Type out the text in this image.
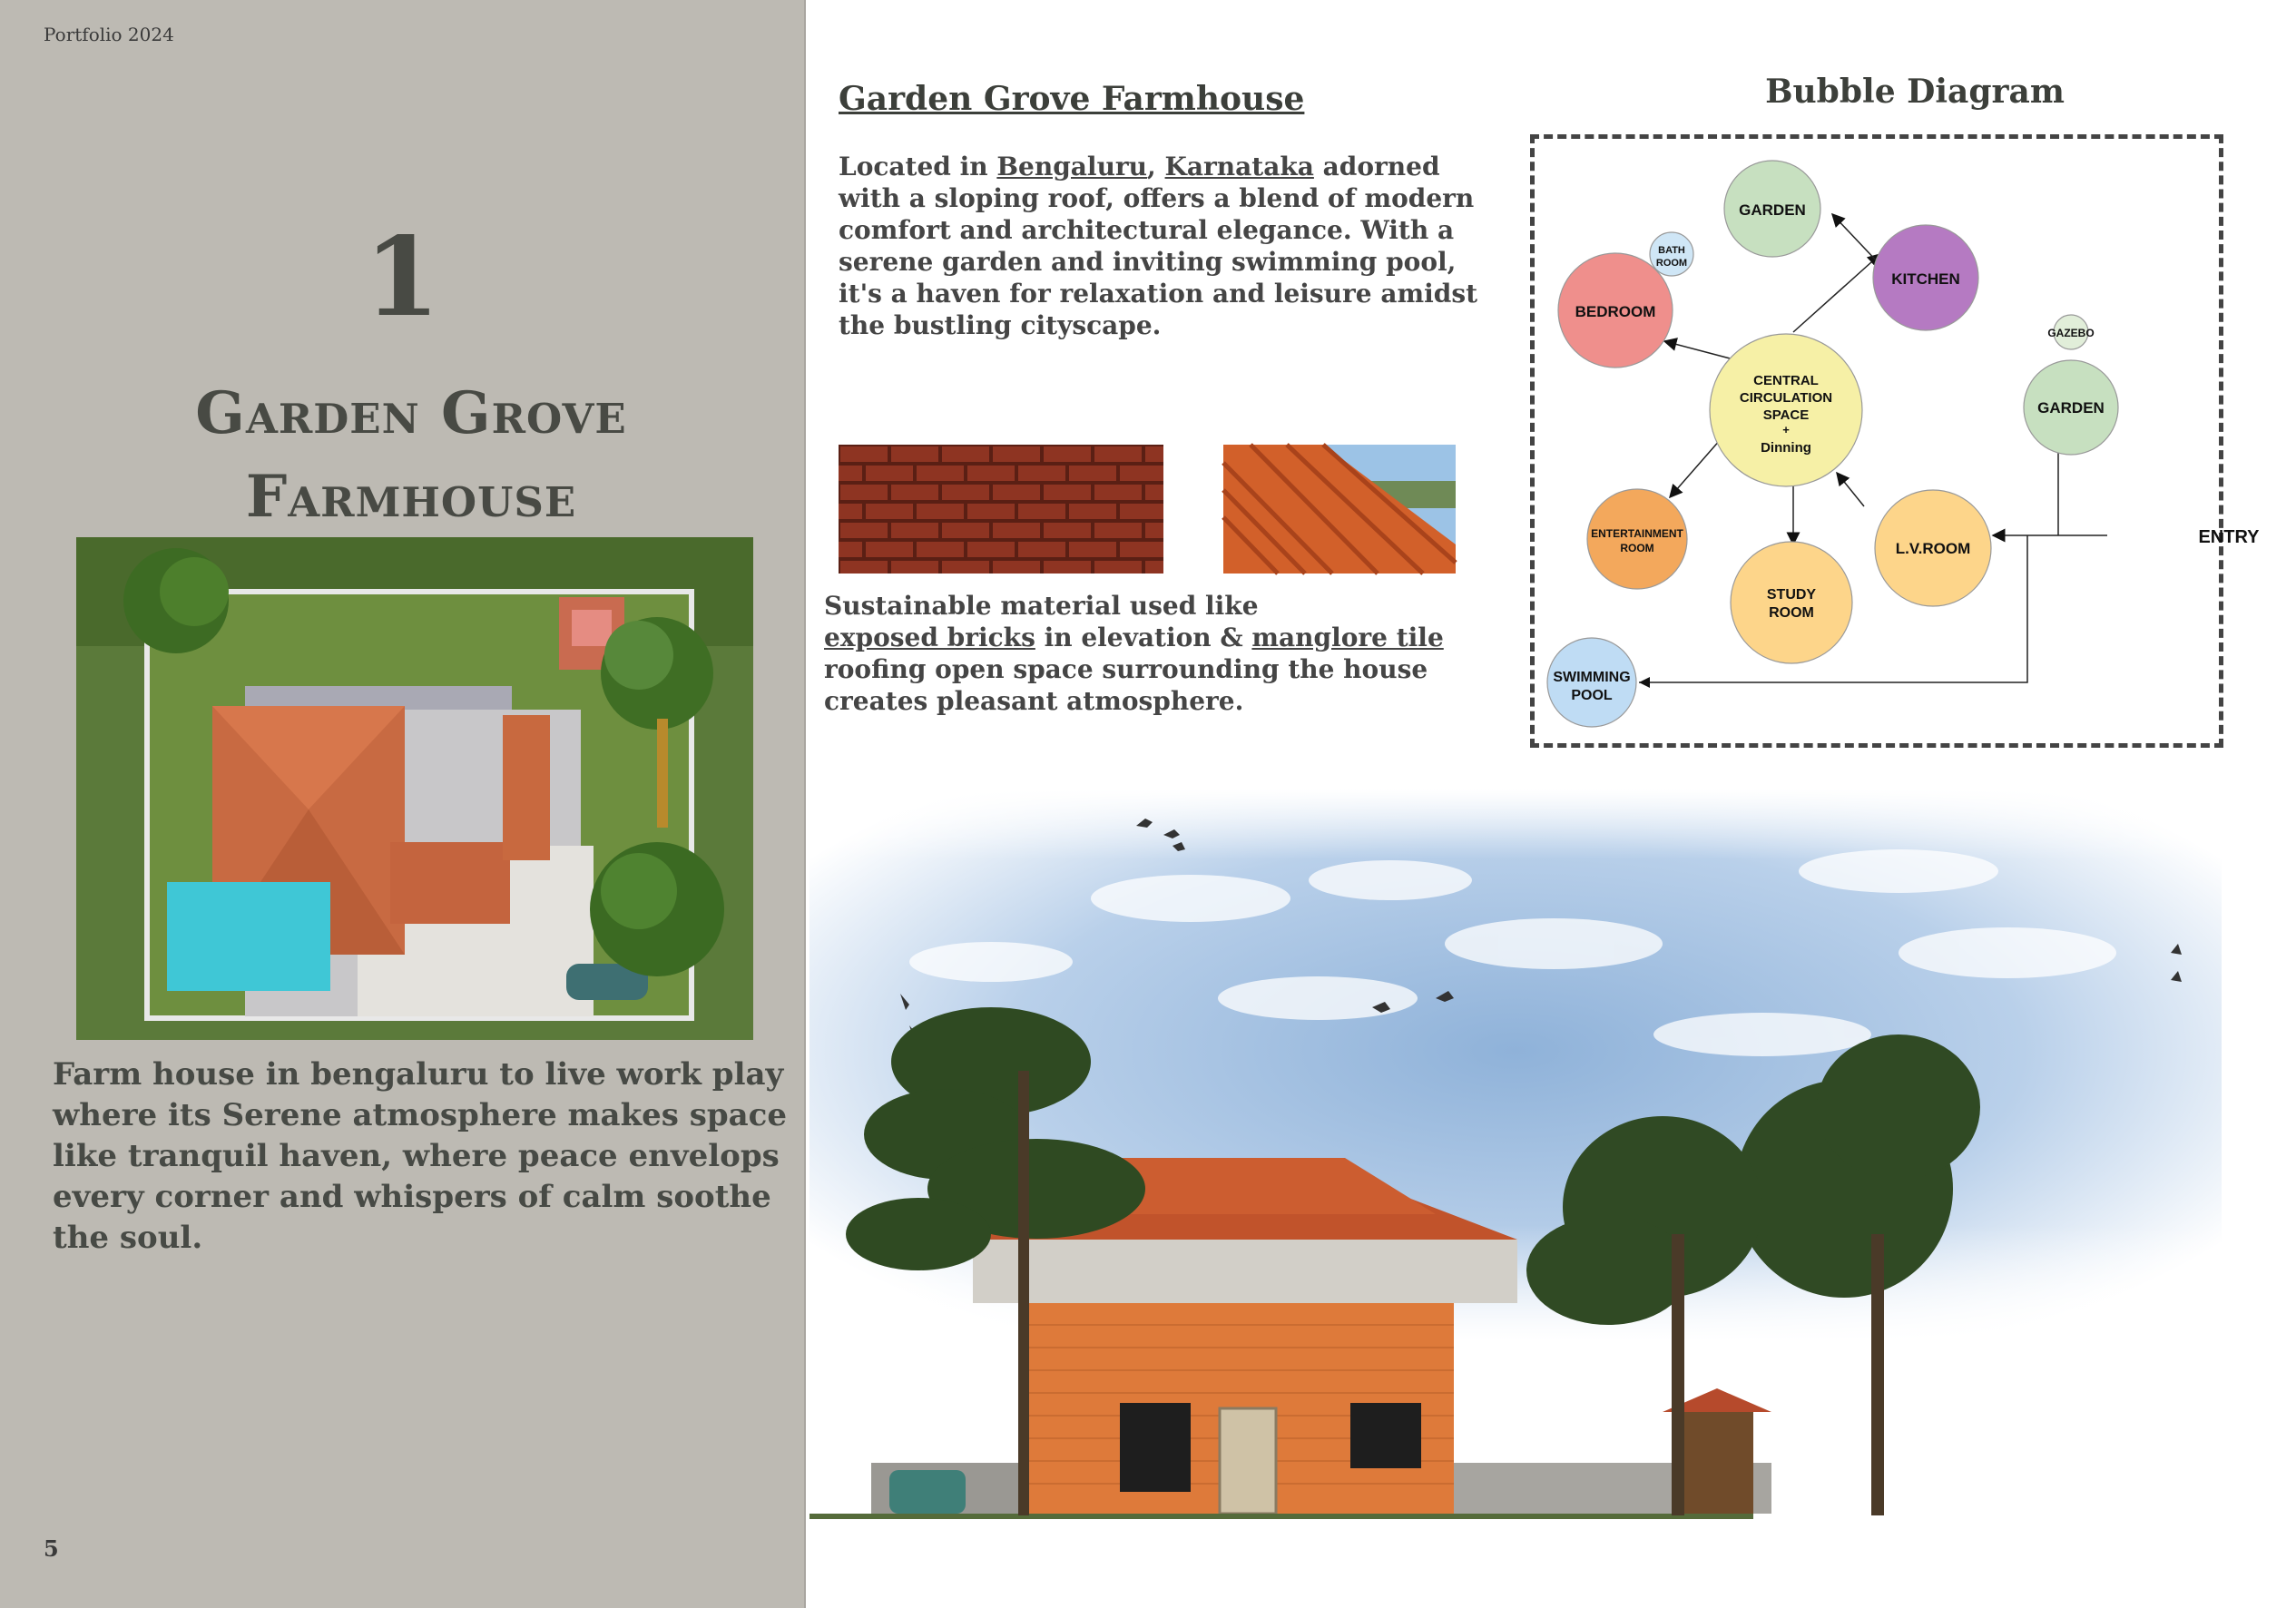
Portfolio 2024
1
Garden Grove
Farmhouse
Farm house in bengaluru to live work play where its Serene atmosphere makes space like tranquil haven, where peace envelops every corner and whispers of calm soothe the soul.
5
Garden Grove Farmhouse
Located in Bengaluru, Karnataka adorned with a sloping roof, offers a blend of modern comfort and architectural elegance. With a serene garden and inviting swimming pool, it's a haven for relaxation and leisure amidst the bustling cityscape.
Sustainable material used like
exposed bricks in elevation & manglore tile roofing open space surrounding the house creates pleasant atmosphere.
Bubble Diagram
GARDEN
BATH
ROOM
KITCHEN
BEDROOM
GAZEBO
CENTRAL
CIRCULATION
SPACE
+
Dinning
GARDEN
ENTERTAINMENT
ROOM	L.V.ROOM
STUDY
ROOM
ENTRY
SWIMMING
POOL
